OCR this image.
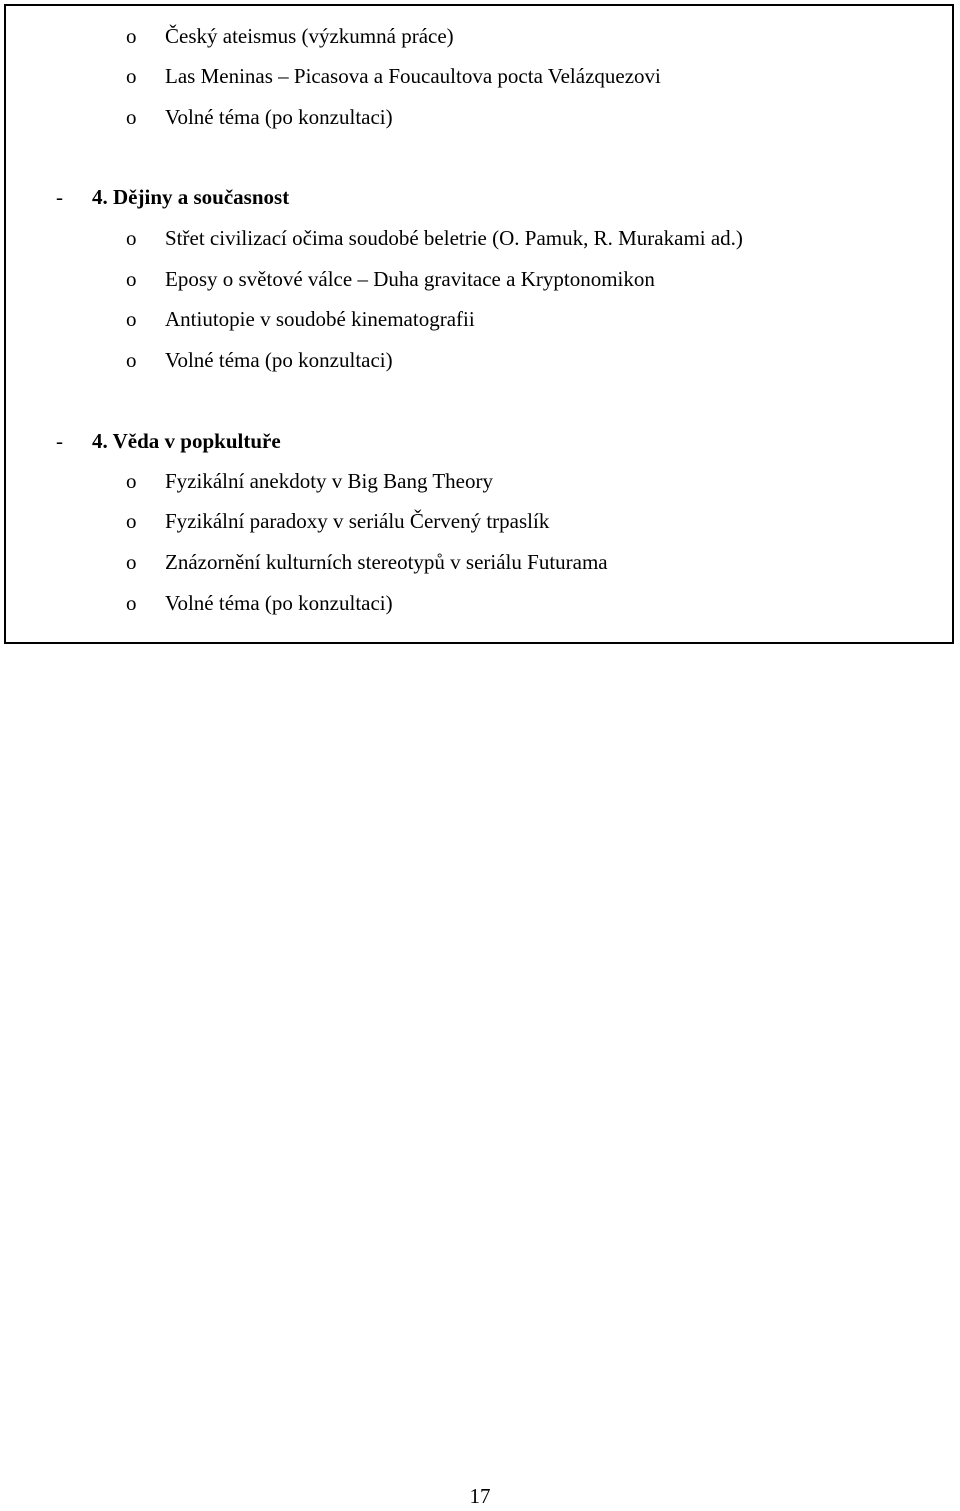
o Český ateismus (výzkumná práce)
o Las Meninas – Picasova a Foucaultova pocta Velázquezovi
o Volné téma (po konzultaci)
- 4. Dějiny a současnost
o Střet civilizací očima soudobé beletrie (O. Pamuk, R. Murakami ad.)
o Eposy o světové válce – Duha gravitace a Kryptonomikon
o Antiutopie v soudobé kinematografii
o Volné téma (po konzultaci)
- 4. Věda v popkultuře
o Fyzikální anekdoty v Big Bang Theory
o Fyzikální paradoxy v seriálu Červený trpaslík
o Znázornění kulturních stereotypů v seriálu Futurama
o Volné téma (po konzultaci)
17
